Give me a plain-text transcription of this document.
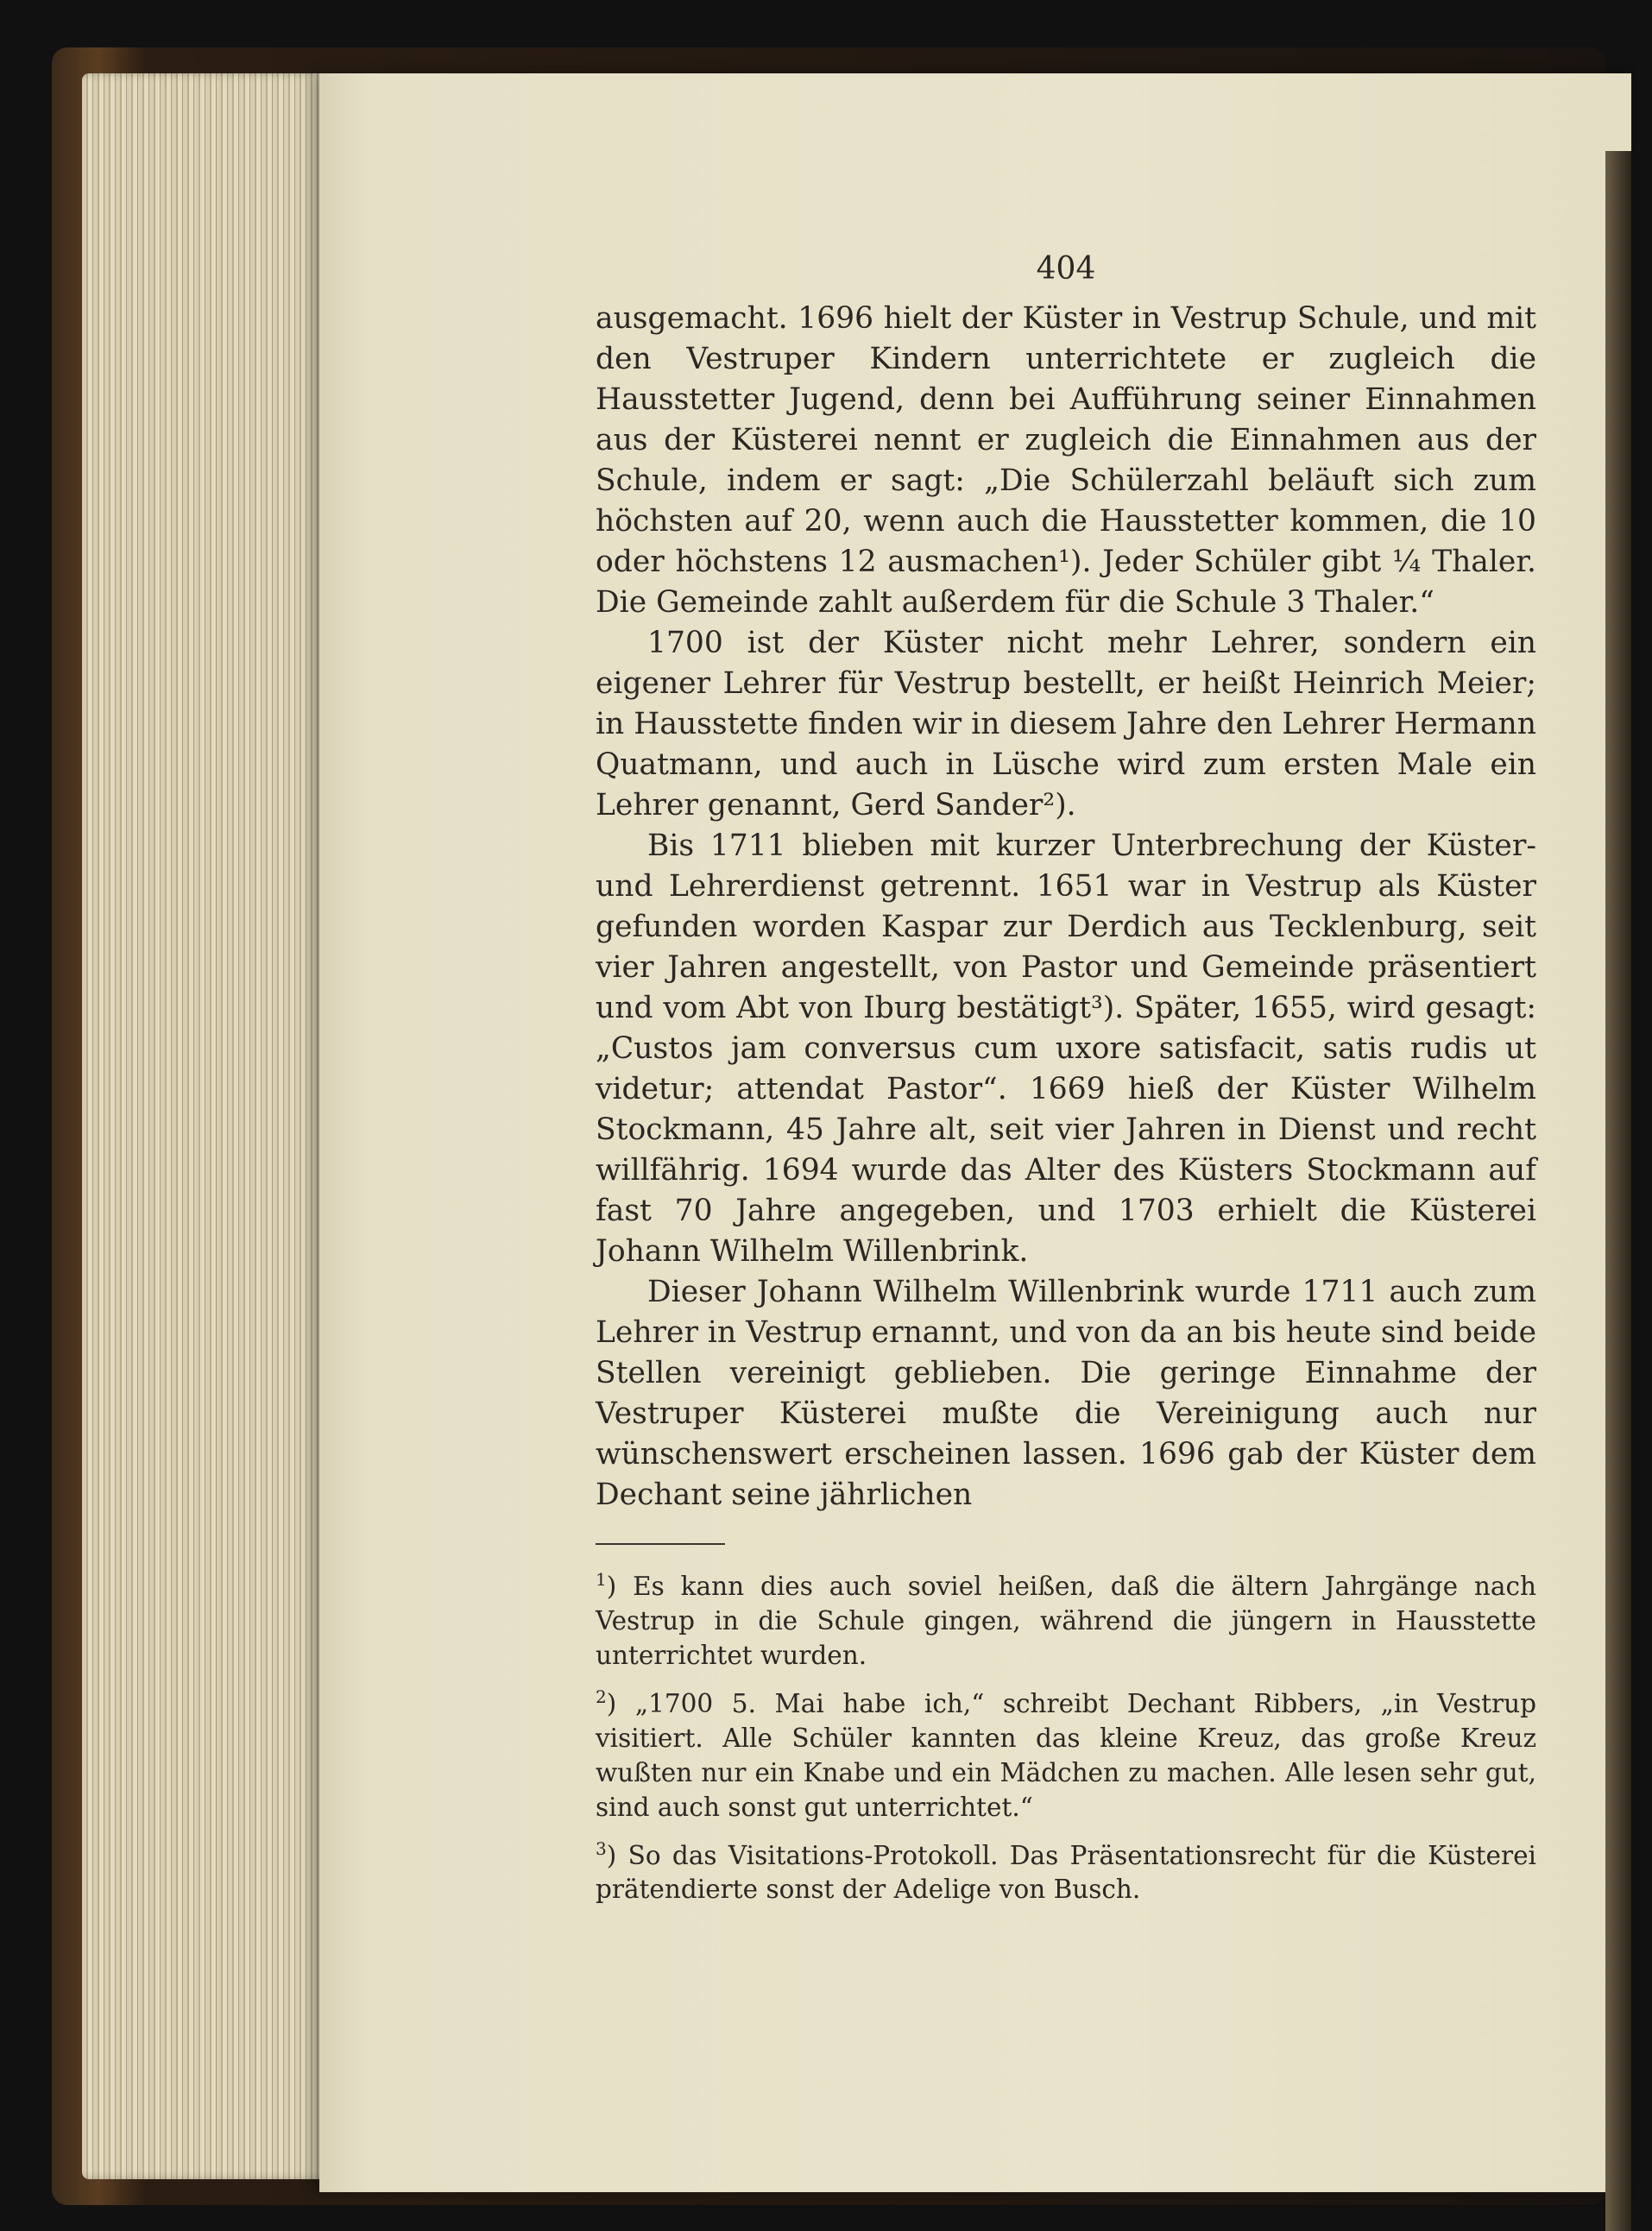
404

ausgemacht. 1696 hielt der Küster in Vestrup Schule, und mit den Vestruper Kindern unterrichtete er zugleich die Hausstetter Jugend, denn bei Aufführung seiner Einnahmen aus der Küsterei nennt er zugleich die Einnahmen aus der Schule, indem er sagt: „Die Schülerzahl beläuft sich zum höchsten auf 20, wenn auch die Hausstetter kommen, die 10 oder höchstens 12 ausmachen¹). Jeder Schüler gibt ¼ Thaler. Die Gemeinde zahlt außerdem für die Schule 3 Thaler.“

1700 ist der Küster nicht mehr Lehrer, sondern ein eigener Lehrer für Vestrup bestellt, er heißt Heinrich Meier; in Hausstette finden wir in diesem Jahre den Lehrer Hermann Quatmann, und auch in Lüsche wird zum ersten Male ein Lehrer genannt, Gerd Sander²).

Bis 1711 blieben mit kurzer Unterbrechung der Küster- und Lehrerdienst getrennt. 1651 war in Vestrup als Küster gefunden worden Kaspar zur Derdich aus Tecklenburg, seit vier Jahren angestellt, von Pastor und Gemeinde präsentiert und vom Abt von Iburg bestätigt³). Später, 1655, wird gesagt: „Custos jam conversus cum uxore satisfacit, satis rudis ut videtur; attendat Pastor“. 1669 hieß der Küster Wilhelm Stockmann, 45 Jahre alt, seit vier Jahren in Dienst und recht willfährig. 1694 wurde das Alter des Küsters Stockmann auf fast 70 Jahre angegeben, und 1703 erhielt die Küsterei Johann Wilhelm Willenbrink.

Dieser Johann Wilhelm Willenbrink wurde 1711 auch zum Lehrer in Vestrup ernannt, und von da an bis heute sind beide Stellen vereinigt geblieben. Die geringe Einnahme der Vestruper Küsterei mußte die Vereinigung auch nur wünschenswert erscheinen lassen. 1696 gab der Küster dem Dechant seine jährlichen

$^1$) Es kann dies auch soviel heißen, daß die ältern Jahrgänge nach Vestrup in die Schule gingen, während die jüngern in Hausstette unterrichtet wurden.

$^2$) „1700 5. Mai habe ich,“ schreibt Dechant Ribbers, „in Vestrup visitiert. Alle Schüler kannten das kleine Kreuz, das große Kreuz wußten nur ein Knabe und ein Mädchen zu machen. Alle lesen sehr gut, sind auch sonst gut unterrichtet.“

$^3$) So das Visitations-Protokoll. Das Präsentationsrecht für die Küsterei prätendierte sonst der Adelige von Busch.
